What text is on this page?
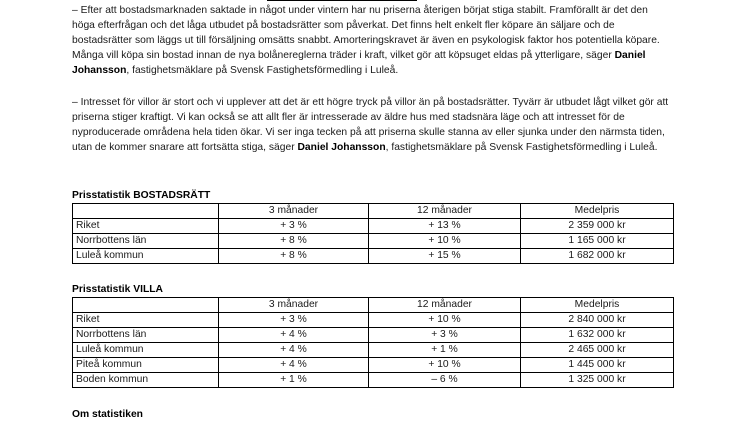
– Efter att bostadsmarknaden saktade in något under vintern har nu priserna återigen börjat stiga stabilt. Framförallt är det den höga efterfrågan och det låga utbudet på bostadsrätter som påverkat. Det finns helt enkelt fler köpare än säljare och de bostadsrätter som läggs ut till försäljning omsätts snabbt. Amorteringskravet är även en psykologisk faktor hos potentiella köpare. Många vill köpa sin bostad innan de nya bolånereglerna träder i kraft, vilket gör att köpsuget eldas på ytterligare, säger Daniel Johansson, fastighetsmäklare på Svensk Fastighetsförmedling i Luleå.

– Intresset för villor är stort och vi upplever att det är ett högre tryck på villor än på bostadsrätter. Tyvärr är utbudet lågt vilket gör att priserna stiger kraftigt. Vi kan också se att allt fler är intresserade av äldre hus med stadsnära läge och att intresset för de nyproducerade områdena hela tiden ökar. Vi ser inga tecken på att priserna skulle stanna av eller sjunka under den närmsta tiden, utan de kommer snarare att fortsätta stiga, säger Daniel Johansson, fastighetsmäklare på Svensk Fastighetsförmedling i Luleå.

Prisstatistik BOSTADSRÄTT

	3 månader	12 månader	Medelpris
Riket	+ 3 %	+ 13 %	2 359 000 kr
Norrbottens län	+ 8 %	+ 10 %	1 165 000 kr
Luleå kommun	+ 8 %	+ 15 %	1 682 000 kr

Prisstatistik VILLA

	3 månader	12 månader	Medelpris
Riket	+ 3 %	+ 10 %	2 840 000 kr
Norrbottens län	+ 4 %	+ 3 %	1 632 000 kr
Luleå kommun	+ 4 %	+ 1 %	2 465 000 kr
Piteå kommun	+ 4 %	+ 10 %	1 445 000 kr
Boden kommun	+ 1 %	– 6 %	1 325 000 kr

Om statistiken
